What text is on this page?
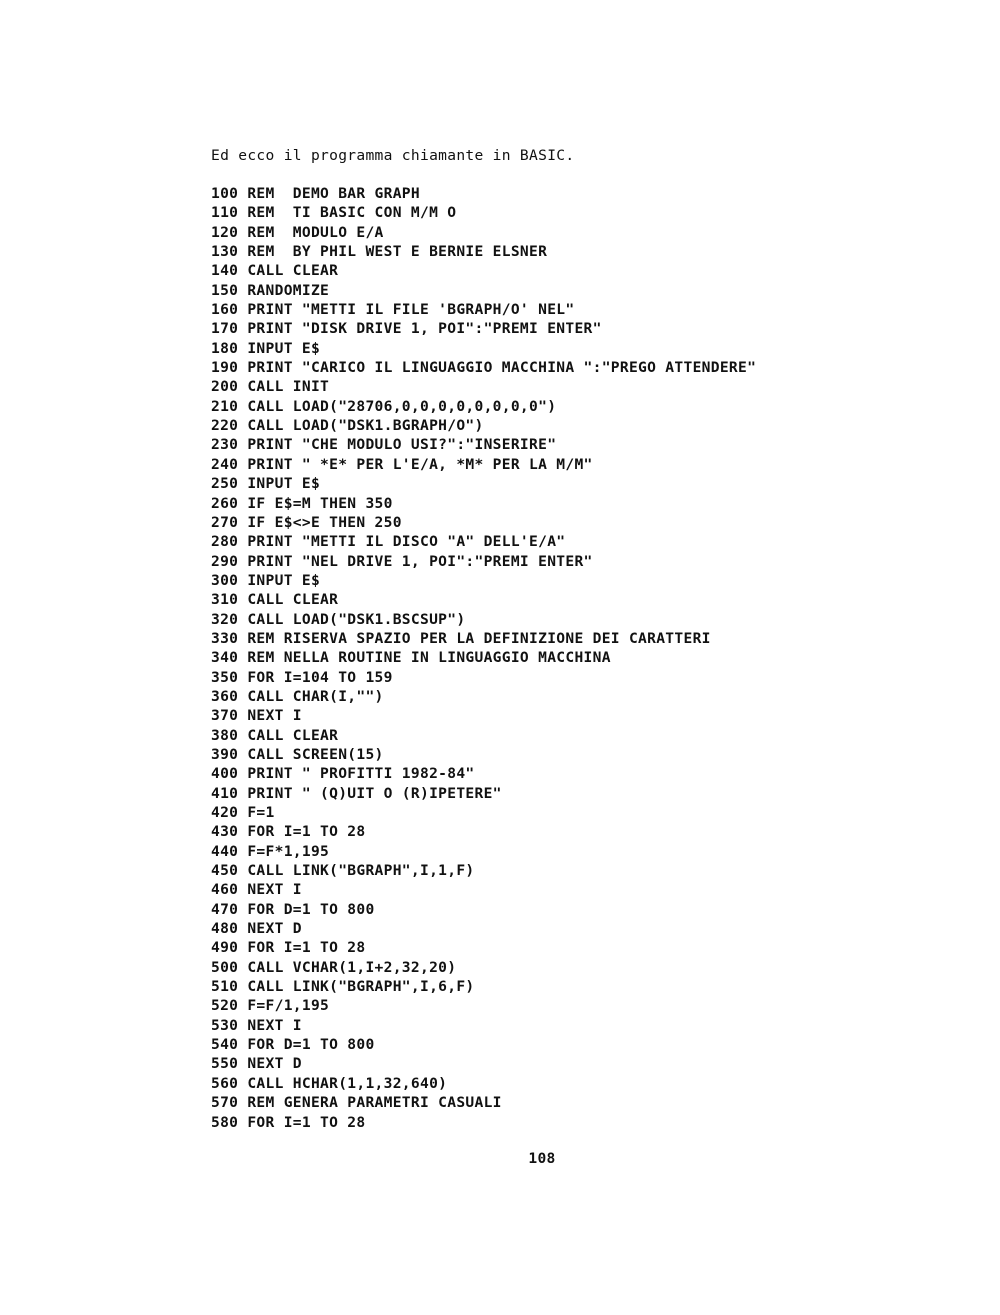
Ed ecco il programma chiamante in BASIC.
100 REM  DEMO BAR GRAPH
110 REM  TI BASIC CON M/M O
120 REM  MODULO E/A
130 REM  BY PHIL WEST E BERNIE ELSNER
140 CALL CLEAR
150 RANDOMIZE
160 PRINT "METTI IL FILE 'BGRAPH/O' NEL"
170 PRINT "DISK DRIVE 1, POI":"PREMI ENTER"
180 INPUT E$
190 PRINT "CARICO IL LINGUAGGIO MACCHINA ":"PREGO ATTENDERE"
200 CALL INIT
210 CALL LOAD("28706,0,0,0,0,0,0,0,0")
220 CALL LOAD("DSK1.BGRAPH/O")
230 PRINT "CHE MODULO USI?":"INSERIRE"
240 PRINT " *E* PER L'E/A, *M* PER LA M/M"
250 INPUT E$
260 IF E$=M THEN 350
270 IF E$<>E THEN 250
280 PRINT "METTI IL DISCO "A" DELL'E/A"
290 PRINT "NEL DRIVE 1, POI":"PREMI ENTER"
300 INPUT E$
310 CALL CLEAR
320 CALL LOAD("DSK1.BSCSUP")
330 REM RISERVA SPAZIO PER LA DEFINIZIONE DEI CARATTERI
340 REM NELLA ROUTINE IN LINGUAGGIO MACCHINA
350 FOR I=104 TO 159
360 CALL CHAR(I,"")
370 NEXT I
380 CALL CLEAR
390 CALL SCREEN(15)
400 PRINT " PROFITTI 1982-84"
410 PRINT " (Q)UIT O (R)IPETERE"
420 F=1
430 FOR I=1 TO 28
440 F=F*1,195
450 CALL LINK("BGRAPH",I,1,F)
460 NEXT I
470 FOR D=1 TO 800
480 NEXT D
490 FOR I=1 TO 28
500 CALL VCHAR(1,I+2,32,20)
510 CALL LINK("BGRAPH",I,6,F)
520 F=F/1,195
530 NEXT I
540 FOR D=1 TO 800
550 NEXT D
560 CALL HCHAR(1,1,32,640)
570 REM GENERA PARAMETRI CASUALI
580 FOR I=1 TO 28
108
